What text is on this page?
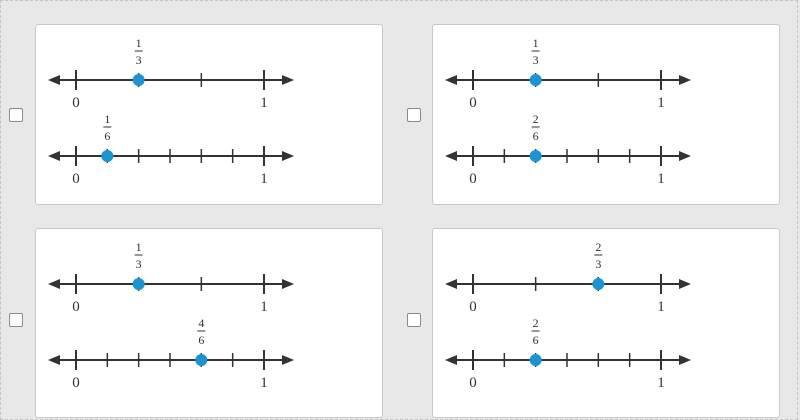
0	1
1
3
0	1
1
6
0	1
1
3
0	1
2
6
0	1
1
3
0	1
4
6
0	1
2
3
0	1
2
6
